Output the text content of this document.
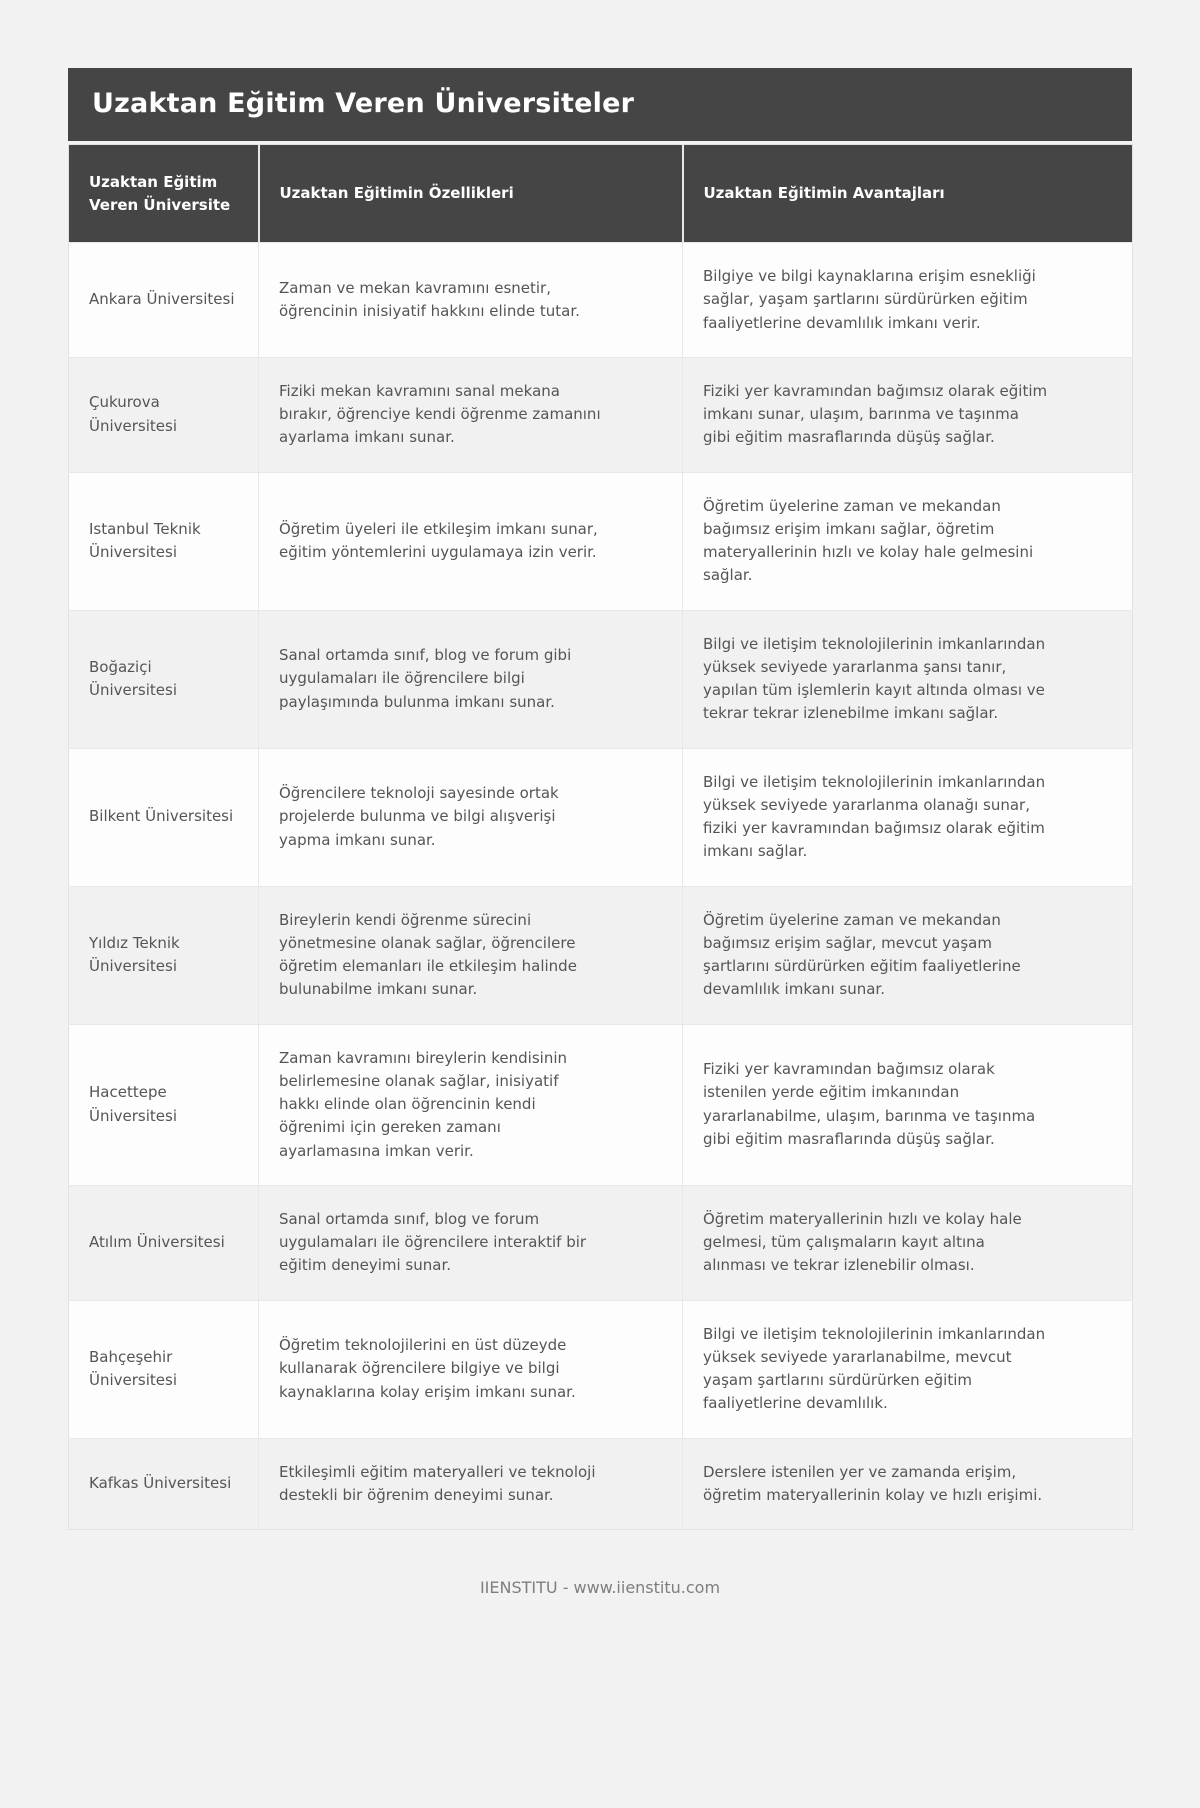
Uzaktan Eğitim Veren Üniversiteler
Uzaktan Eğitim Veren Üniversite	Uzaktan Eğitimin Özellikleri	Uzaktan Eğitimin Avantajları

Ankara Üniversitesi	Zaman ve mekan kavramını esnetir, öğrencinin inisiyatif hakkını elinde tutar.	Bilgiye ve bilgi kaynaklarına erişim esnekliği sağlar, yaşam şartlarını sürdürürken eğitim faaliyetlerine devamlılık imkanı verir.

Çukurova Üniversitesi	Fiziki mekan kavramını sanal mekana bırakır, öğrenciye kendi öğrenme zamanını ayarlama imkanı sunar.	Fiziki yer kavramından bağımsız olarak eğitim imkanı sunar, ulaşım, barınma ve taşınma gibi eğitim masraflarında düşüş sağlar.

Istanbul Teknik Üniversitesi	Öğretim üyeleri ile etkileşim imkanı sunar, eğitim yöntemlerini uygulamaya izin verir.	Öğretim üyelerine zaman ve mekandan bağımsız erişim imkanı sağlar, öğretim materyallerinin hızlı ve kolay hale gelmesini sağlar.

Boğaziçi Üniversitesi	Sanal ortamda sınıf, blog ve forum gibi uygulamaları ile öğrencilere bilgi paylaşımında bulunma imkanı sunar.	Bilgi ve iletişim teknolojilerinin imkanlarından yüksek seviyede yararlanma şansı tanır, yapılan tüm işlemlerin kayıt altında olması ve tekrar tekrar izlenebilme imkanı sağlar.

Bilkent Üniversitesi	Öğrencilere teknoloji sayesinde ortak projelerde bulunma ve bilgi alışverişi yapma imkanı sunar.	Bilgi ve iletişim teknolojilerinin imkanlarından yüksek seviyede yararlanma olanağı sunar, fiziki yer kavramından bağımsız olarak eğitim imkanı sağlar.

Yıldız Teknik Üniversitesi	Bireylerin kendi öğrenme sürecini yönetmesine olanak sağlar, öğrencilere öğretim elemanları ile etkileşim halinde bulunabilme imkanı sunar.	Öğretim üyelerine zaman ve mekandan bağımsız erişim sağlar, mevcut yaşam şartlarını sürdürürken eğitim faaliyetlerine devamlılık imkanı sunar.

Hacettepe Üniversitesi	Zaman kavramını bireylerin kendisinin belirlemesine olanak sağlar, inisiyatif hakkı elinde olan öğrencinin kendi öğrenimi için gereken zamanı ayarlamasına imkan verir.	Fiziki yer kavramından bağımsız olarak istenilen yerde eğitim imkanından yararlanabilme, ulaşım, barınma ve taşınma gibi eğitim masraflarında düşüş sağlar.

Atılım Üniversitesi	Sanal ortamda sınıf, blog ve forum uygulamaları ile öğrencilere interaktif bir eğitim deneyimi sunar.	Öğretim materyallerinin hızlı ve kolay hale gelmesi, tüm çalışmaların kayıt altına alınması ve tekrar izlenebilir olması.

Bahçeşehir Üniversitesi	Öğretim teknolojilerini en üst düzeyde kullanarak öğrencilere bilgiye ve bilgi kaynaklarına kolay erişim imkanı sunar.	Bilgi ve iletişim teknolojilerinin imkanlarından yüksek seviyede yararlanabilme, mevcut yaşam şartlarını sürdürürken eğitim faaliyetlerine devamlılık.

Kafkas Üniversitesi	Etkileşimli eğitim materyalleri ve teknoloji destekli bir öğrenim deneyimi sunar.	Derslere istenilen yer ve zamanda erişim, öğretim materyallerinin kolay ve hızlı erişimi.

IIENSTITU - www.iienstitu.com
